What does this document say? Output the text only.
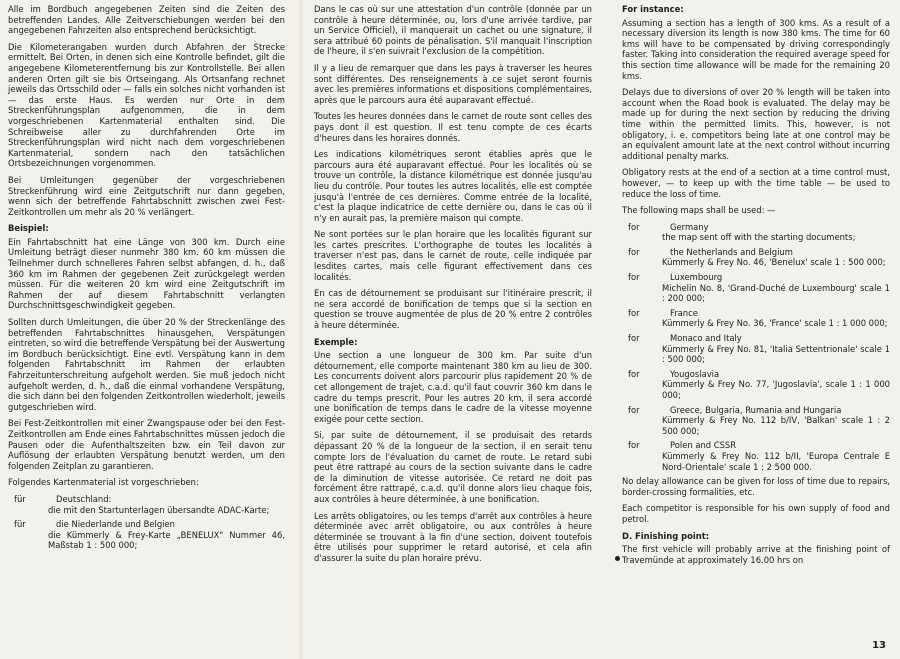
Alle im Bordbuch angegebenen Zeiten sind die Zeiten des betreffenden Landes. Alle Zeitverschiebungen werden bei den angegebenen Fahrzeiten also entsprechend berücksichtigt.

Die Kilometerangaben wurden durch Abfahren der Strecke ermittelt. Bei Orten, in denen sich eine Kontrolle befindet, gilt die angegebene Kilometerentfernung bis zur Kontrollstelle. Bei allen anderen Orten gilt sie bis Ortseingang. Als Ortsanfang rechnet jeweils das Ortsschild oder — falls ein solches nicht vorhanden ist — das erste Haus. Es werden nur Orte in dem Streckenführungsplan aufgenommen, die in dem vorgeschriebenen Kartenmaterial enthalten sind. Die Schreibweise aller zu durchfahrenden Orte im Streckenführungsplan wird nicht nach dem vorgeschriebenen Kartenmaterial, sondern nach den tatsächlichen Ortsbezeichnungen vorgenommen.

Bei Umleitungen gegenüber der vorgeschriebenen Streckenführung wird eine Zeitgutschrift nur dann gegeben, wenn sich der betreffende Fahrtabschnitt zwischen zwei Fest-Zeitkontrollen um mehr als 20 % verlängert.

Beispiel:

Ein Fahrtabschnitt hat eine Länge von 300 km. Durch eine Umleitung beträgt dieser nunmehr 380 km. 60 km müssen die Teilnehmer durch schnelleres Fahren selbst abfangen, d. h., daß 360 km im Rahmen der gegebenen Zeit zurückgelegt werden müssen. Für die weiteren 20 km wird eine Zeitgutschrift im Rahmen der auf diesem Fahrtabschnitt verlangten Durchschnittsgeschwindigkeit gegeben.

Sollten durch Umleitungen, die über 20 % der Streckenlänge des betreffenden Fahrtabschnittes hinausgehen, Verspätungen eintreten, so wird die betreffende Verspätung bei der Auswertung im Bordbuch berücksichtigt. Eine evtl. Verspätung kann in dem folgenden Fahrtabschnitt im Rahmen der erlaubten Fahrzeitunterschreitung aufgeholt werden. Sie muß jedoch nicht aufgeholt werden, d. h., daß die einmal vorhandene Verspätung, die sich dann bei den folgenden Zeitkontrollen wiederholt, jeweils gutgeschrieben wird.

Bei Fest-Zeitkontrollen mit einer Zwangspause oder bei den Fest-Zeitkontrollen am Ende eines Fahrtabschnittes müssen jedoch die Pausen oder die Aufenthaltszeiten bzw. ein Teil davon zur Auflösung der erlaubten Verspätung benutzt werden, um den folgenden Zeitplan zu garantieren.

Folgendes Kartenmaterial ist vorgeschrieben:

für	Deutschland:

die mit den Startunterlagen übersandte ADAC-Karte;

für	die Niederlande und Belgien

die Kümmerly & Frey-Karte „BENELUX" Nummer 46, Maßstab 1 : 500 000;

Dans le cas où sur une attestation d'un contrôle (donnée par un contrôle à heure déterminée, ou, lors d'une arrivée tardive, par un Service Officiel), il manquerait un cachet ou une signature, il sera attribué 60 points de pénalisation. S'il manquait l'inscription de l'heure, il s'en suivrait l'exclusion de la compétition.

Il y a lieu de remarquer que dans les pays à traverser les heures sont différentes. Des renseignements à ce sujet seront fournis avec les premières informations et dispositions complémentaires, après que le parcours aura été auparavant effectué.

Toutes les heures données dans le carnet de route sont celles des pays dont il est question. Il est tenu compte de ces écarts d'heures dans les horaires donnés.

Les indications kilométriques seront établies après que le parcours aura été auparavant effectué. Pour les localités où se trouve un contrôle, la distance kilométrique est donnée jusqu'au lieu du contrôle. Pour toutes les autres localités, elle est comptée jusqu'à l'entrée de ces dernières. Comme entrée de la localité, c'est la plaque indicatrice de cette dernière ou, dans le cas où il n'y en aurait pas, la première maison qui compte.

Ne sont portées sur le plan horaire que les localités figurant sur les cartes prescrites. L'orthographe de toutes les localités à traverser n'est pas, dans le carnet de route, celle indiquée par lesdites cartes, mais celle figurant effectivement dans ces localités.

En cas de détournement se produisant sur l'itinéraire prescrit, il ne sera accordé de bonification de temps que si la section en question se trouve augmentée de plus de 20 % entre 2 contrôles à heure déterminée.

Exemple:

Une section a une longueur de 300 km. Par suite d'un détournement, elle comporte maintenant 380 km au lieu de 300. Les concurrents doivent alors parcourir plus rapidement 20 % de cet allongement de trajet, c.a.d. qu'il faut couvrir 360 km dans le cadre du temps prescrit. Pour les autres 20 km, il sera accordé une bonification de temps dans le cadre de la vitesse moyenne exigée pour cette section.

Si, par suite de détournement, il se produisait des retards dépassant 20 % de la longueur de la section, il en serait tenu compte lors de l'évaluation du carnet de route. Le retard subi peut être rattrapé au cours de la section suivante dans le cadre de la diminution de vitesse autorisée. Ce retard ne doit pas forcément être rattrapé, c.a.d. qu'il donne alors lieu chaque fois, aux contrôles à heure déterminée, à une bonification.

Les arrêts obligatoires, ou les temps d'arrêt aux contrôles à heure déterminée avec arrêt obligatoire, ou aux contrôles à heure déterminée se trouvant à la fin d'une section, doivent toutefois être utilisés pour supprimer le retard autorisé, et cela afin d'assurer la suite du plan horaire prévu.

For instance:

Assuming a section has a length of 300 kms. As a result of a necessary diversion its length is now 380 kms. The time for 60 kms will have to be compensated by driving correspondingly faster. Taking into consideration the required average speed for this section time allowance will be made for the remaining 20 kms.

Delays due to diversions of over 20 % length will be taken into account when the Road book is evaluated. The delay may be made up for during the next section by reducing the driving time within the permitted limits. This, however, is not obligatory, i. e. competitors being late at one control may be an equivalent amount late at the next control without incurring additional penalty marks.

Obligatory rests at the end of a section at a time control must, however, — to keep up with the time table — be used to reduce the loss of time.

The following maps shall be used: —

for	Germany

the map sent off with the starting documents;

for	the Netherlands and Belgium

Kümmerly & Frey No. 46, 'Benelux' scale 1 : 500 000;

for	Luxembourg

Michelin No. 8, 'Grand-Duché de Luxembourg' scale 1 : 200 000;

for	France

Kümmerly & Frey No. 36, 'France' scale 1 : 1 000 000;

for	Monaco and Italy

Kümmerly & Frey No. 81, 'Italia Settentrionale' scale 1 : 500 000;

for	Yougoslavia

Kümmerly & Frey No. 77, 'Jugoslavia', scale 1 : 1 000 000;

for	Greece, Bulgaria, Rumania and Hungaria

Kümmerly & Frey No. 112 b/IV, 'Balkan' scale 1 : 2 500 000;

for	Polen and CSSR

Kümmerly & Frey No. 112 b/II, 'Europa Centrale E Nord-Orientale' scale 1 : 2 500 000.

No delay allowance can be given for loss of time due to repairs, border-crossing formalities, etc.

Each competitor is responsible for his own supply of food and petrol.

D. Finishing point:

The first vehicle will probably arrive at the finishing point of Travemünde at approximately 16.00 hrs on

13
